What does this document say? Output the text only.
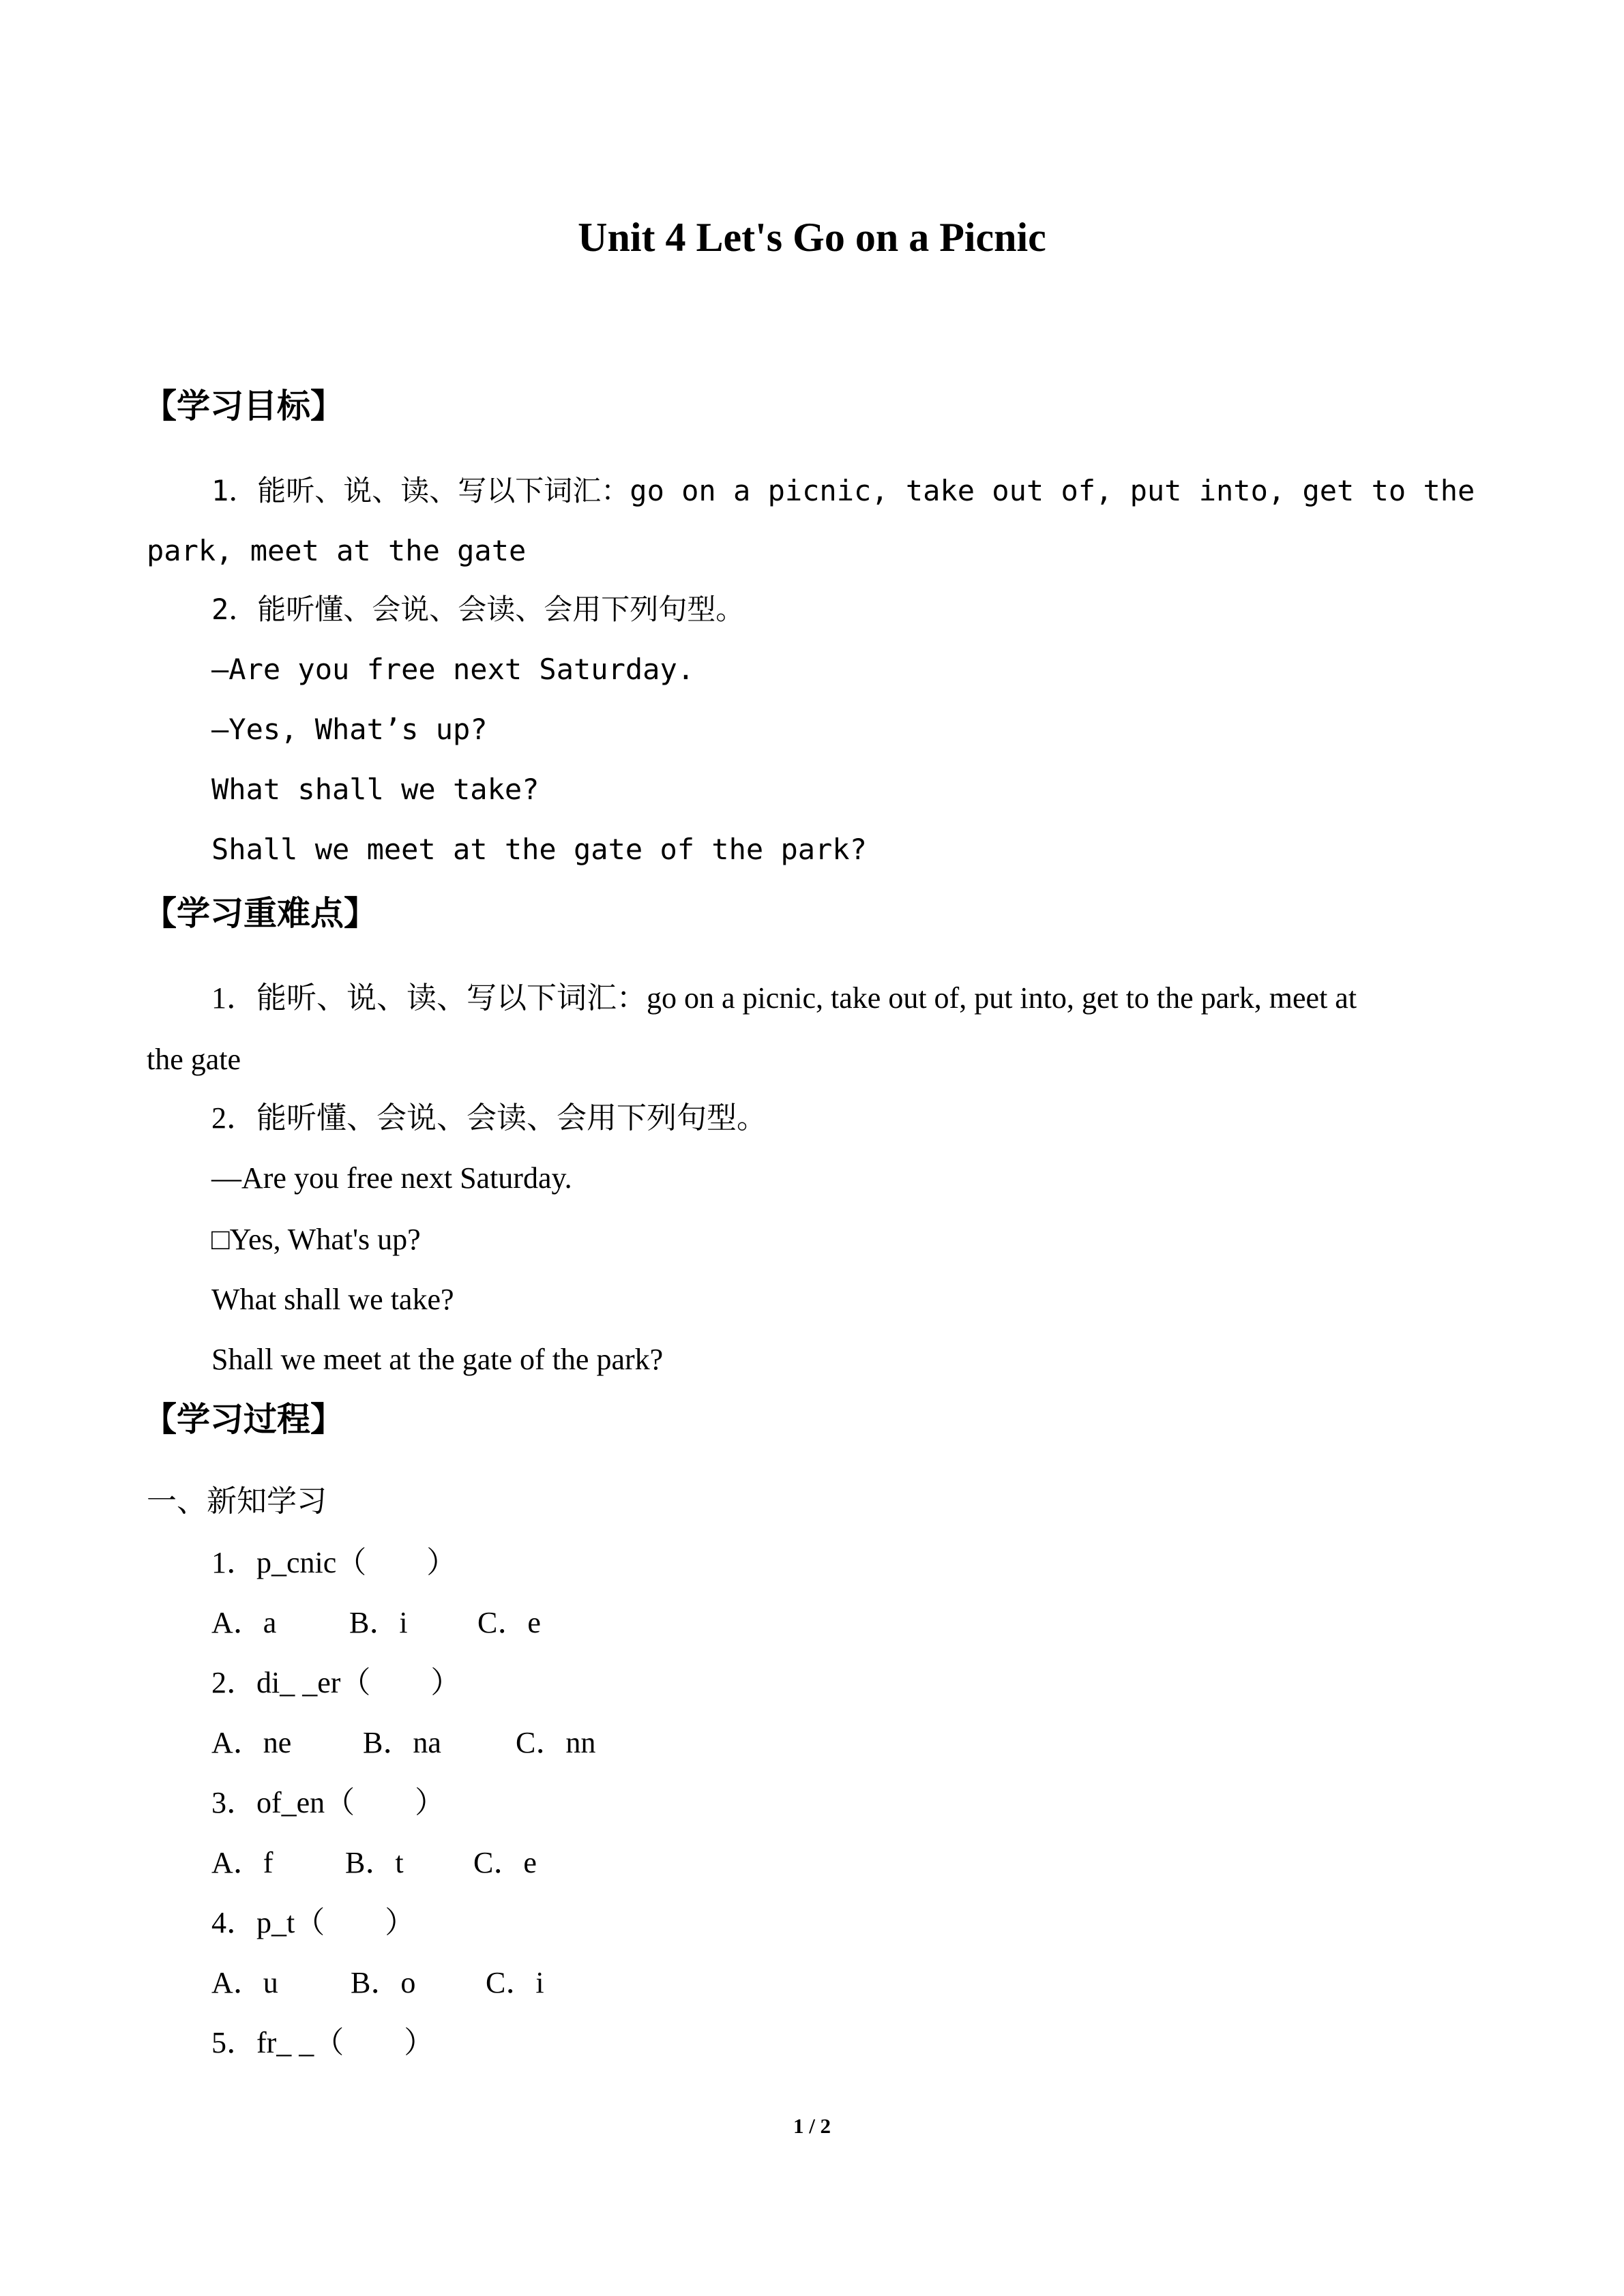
Unit 4 Let's Go on a Picnic
【学习目标】
1．能听、说、读、写以下词汇：go on a picnic, take out of, put into, get to the
park, meet at the gate
2．能听懂、会说、会读、会用下列句型。
—Are you free next Saturday.
—Yes, What’s up?
What shall we take?
Shall we meet at the gate of the park?
【学习重难点】
1．能听、说、读、写以下词汇：go on a picnic, take out of, put into, get to the park, meet at
the gate
2．能听懂、会说、会读、会用下列句型。
—Are you free next Saturday.
□Yes, What's up?
What shall we take?
Shall we meet at the gate of the park?
【学习过程】
一、新知学习
1．p_cnic（　　）
A．a B．i C．e
2．di_ _er（　　）
A．ne B．na C．nn
3．of_en（　　）
A．f B．t C．e
4．p_t（　　）
A．u B．o C．i
5．fr_ _（　　）
1 / 2
